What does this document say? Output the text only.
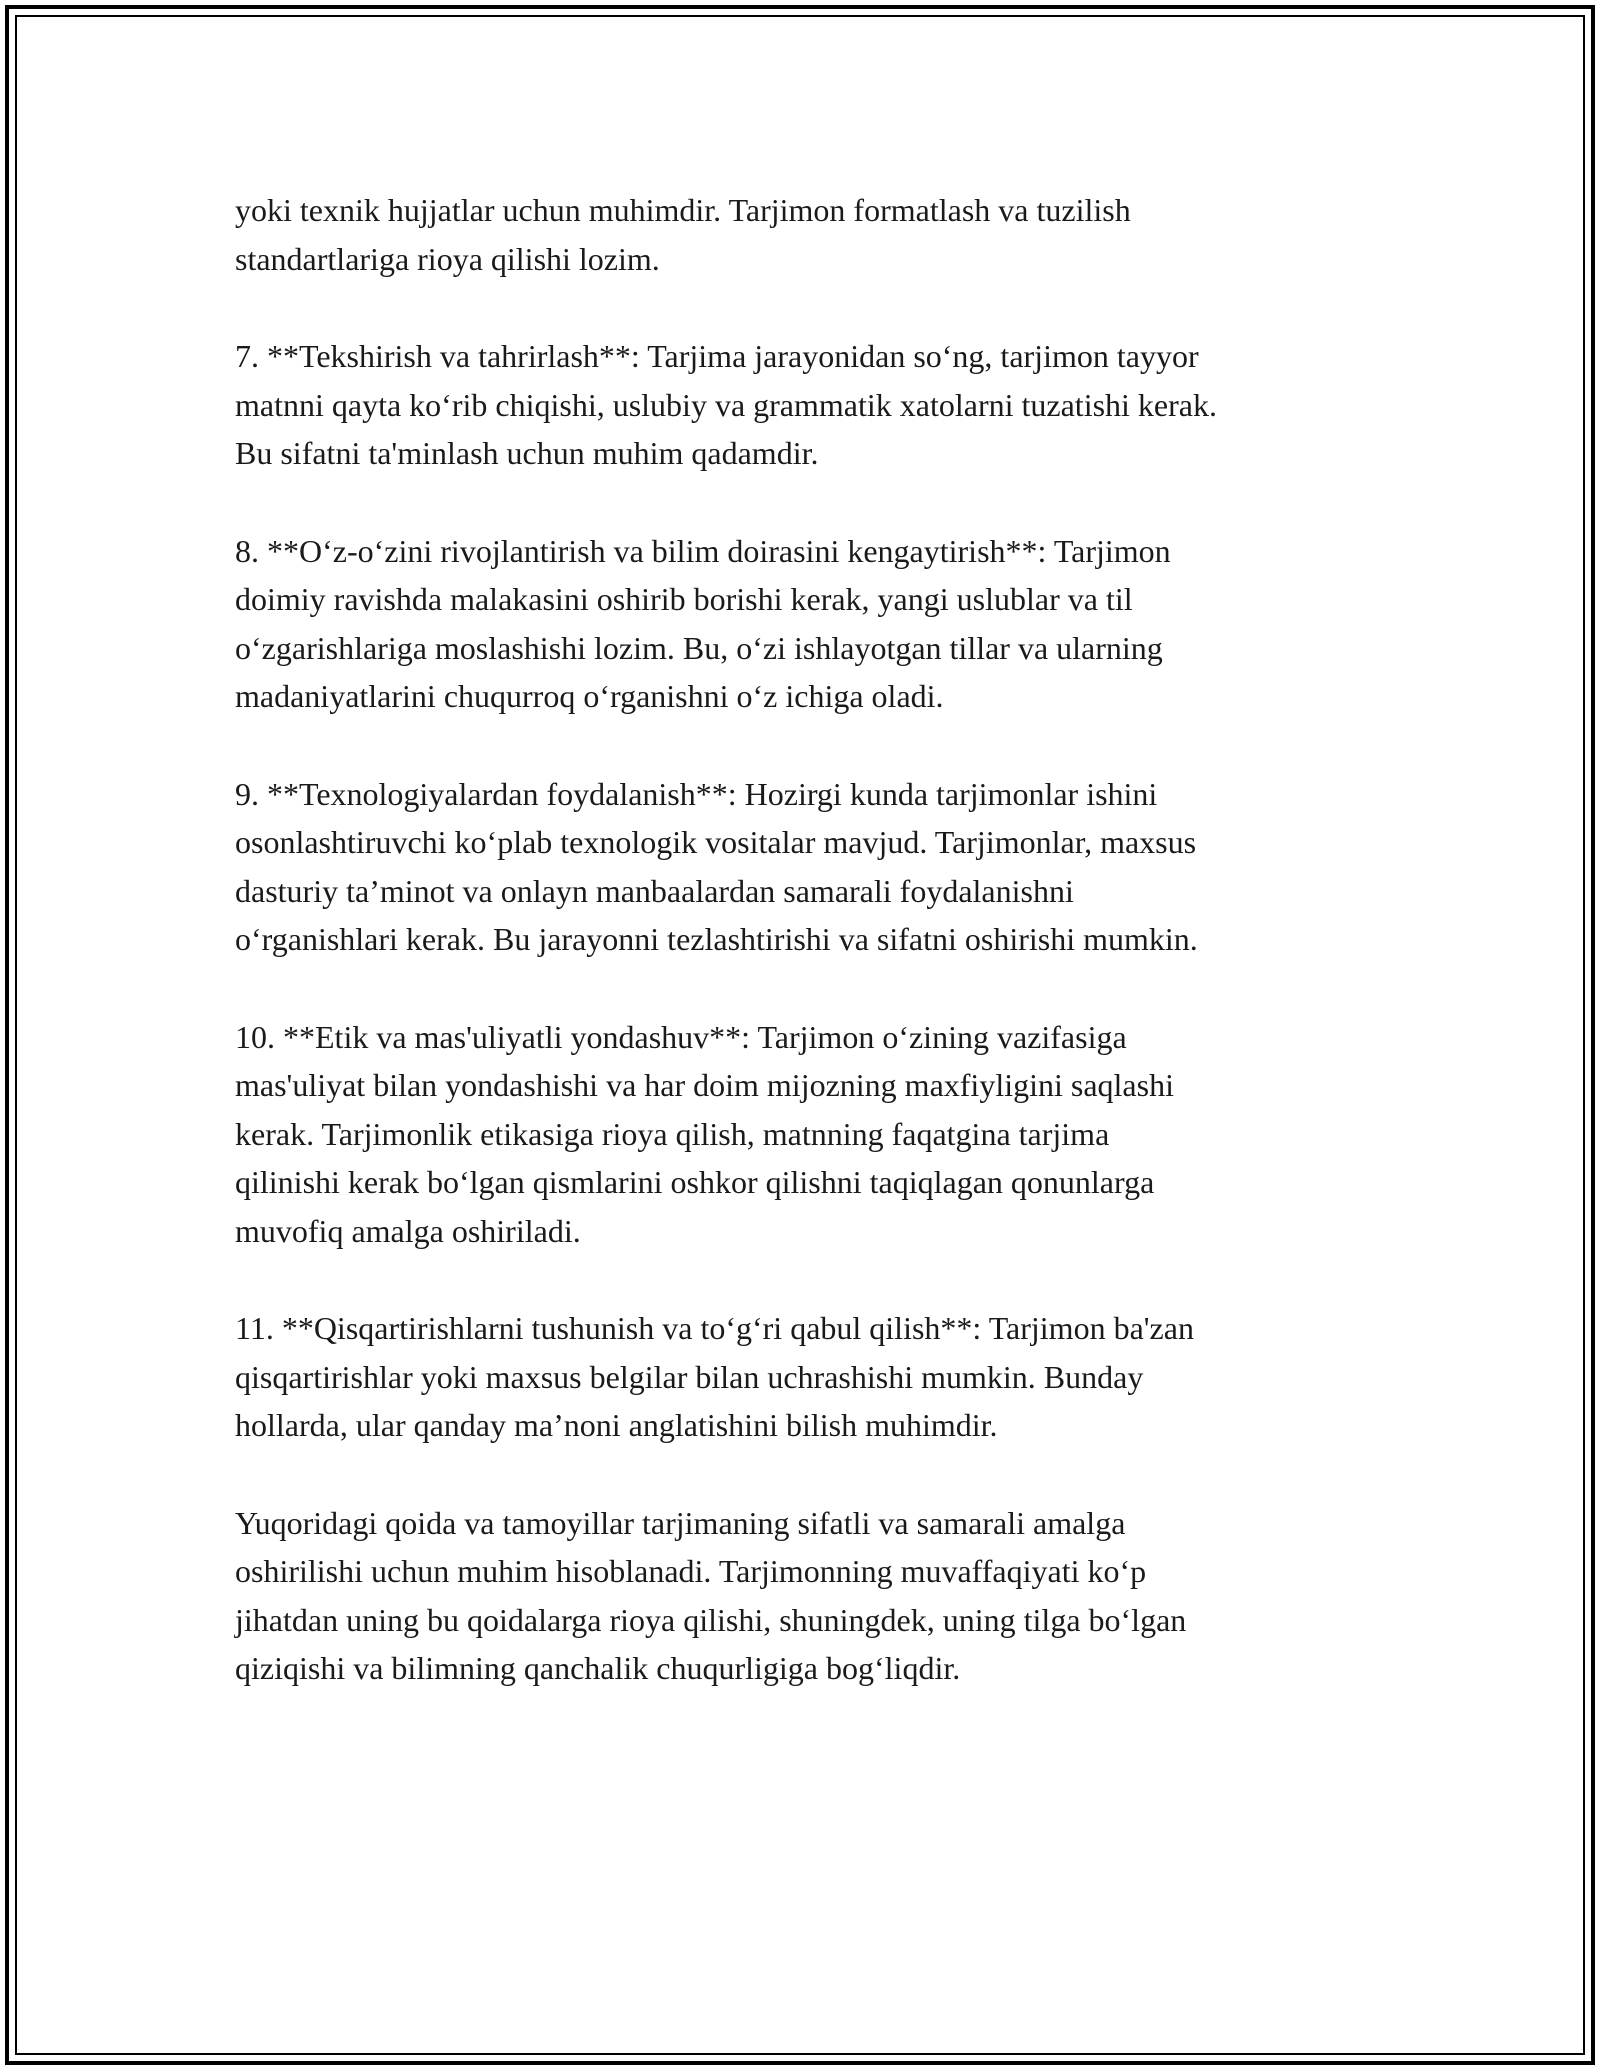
yoki texnik hujjatlar uchun muhimdir. Tarjimon formatlash va tuzilish
standartlariga rioya qilishi lozim.

7. **Tekshirish va tahrirlash**: Tarjima jarayonidan so‘ng, tarjimon tayyor
matnni qayta ko‘rib chiqishi, uslubiy va grammatik xatolarni tuzatishi kerak.
Bu sifatni ta'minlash uchun muhim qadamdir.

8. **O‘z-o‘zini rivojlantirish va bilim doirasini kengaytirish**: Tarjimon
doimiy ravishda malakasini oshirib borishi kerak, yangi uslublar va til
o‘zgarishlariga moslashishi lozim. Bu, o‘zi ishlayotgan tillar va ularning
madaniyatlarini chuqurroq o‘rganishni o‘z ichiga oladi.

9. **Texnologiyalardan foydalanish**: Hozirgi kunda tarjimonlar ishini
osonlashtiruvchi ko‘plab texnologik vositalar mavjud. Tarjimonlar, maxsus
dasturiy ta’minot va onlayn manbaalardan samarali foydalanishni
o‘rganishlari kerak. Bu jarayonni tezlashtirishi va sifatni oshirishi mumkin.

10. **Etik va mas'uliyatli yondashuv**: Tarjimon o‘zining vazifasiga
mas'uliyat bilan yondashishi va har doim mijozning maxfiyligini saqlashi
kerak. Tarjimonlik etikasiga rioya qilish, matnning faqatgina tarjima
qilinishi kerak bo‘lgan qismlarini oshkor qilishni taqiqlagan qonunlarga
muvofiq amalga oshiriladi.

11. **Qisqartirishlarni tushunish va to‘g‘ri qabul qilish**: Tarjimon ba'zan
qisqartirishlar yoki maxsus belgilar bilan uchrashishi mumkin. Bunday
hollarda, ular qanday ma’noni anglatishini bilish muhimdir.

Yuqoridagi qoida va tamoyillar tarjimaning sifatli va samarali amalga
oshirilishi uchun muhim hisoblanadi. Tarjimonning muvaffaqiyati ko‘p
jihatdan uning bu qoidalarga rioya qilishi, shuningdek, uning tilga bo‘lgan
qiziqishi va bilimning qanchalik chuqurligiga bog‘liqdir.
